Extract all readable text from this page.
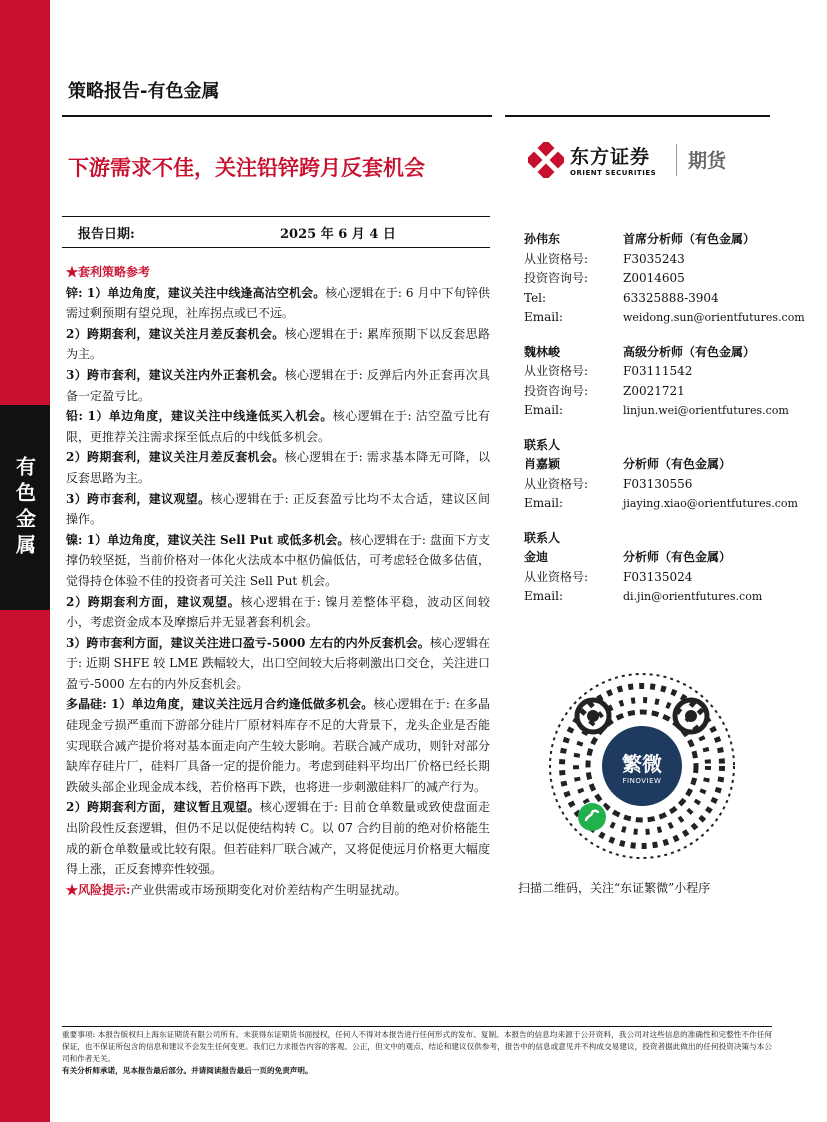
有色金属
策略报告-有色金属
下游需求不佳，关注铅锌跨月反套机会	东方证券
ORIENT SECURITIES
期货
报告日期:	2025 年 6 月 4 日

★套利策略参考

锌: 1）单边角度，建议关注中线逢高沽空机会。核心逻辑在于: 6 月中下旬锌供需过剩预期有望兑现，社库拐点或已不远。

2）跨期套利，建议关注月差反套机会。核心逻辑在于: 累库预期下以反套思路为主。

3）跨市套利，建议关注内外正套机会。核心逻辑在于: 反弹后内外正套再次具备一定盈亏比。

铅: 1）单边角度，建议关注中线逢低买入机会。核心逻辑在于: 沽空盈亏比有限，更推荐关注需求探至低点后的中线低多机会。

2）跨期套利，建议关注月差反套机会。核心逻辑在于: 需求基本降无可降，以反套思路为主。

3）跨市套利，建议观望。核心逻辑在于: 正反套盈亏比均不太合适，建议区间操作。

镍: 1）单边角度，建议关注 Sell Put 或低多机会。核心逻辑在于: 盘面下方支撑仍较坚挺，当前价格对一体化火法成本中枢仍偏低估，可考虑轻仓做多估值，觉得持仓体验不佳的投资者可关注 Sell Put 机会。

2）跨期套利方面，建议观望。核心逻辑在于: 镍月差整体平稳，波动区间较小，考虑资金成本及摩擦后并无显著套利机会。

3）跨市套利方面，建议关注进口盈亏-5000 左右的内外反套机会。核心逻辑在于: 近期 SHFE 较 LME 跌幅较大，出口空间较大后将刺激出口交仓，关注进口盈亏-5000 左右的内外反套机会。

多晶硅: 1）单边角度，建议关注远月合约逢低做多机会。核心逻辑在于: 在多晶硅现金亏损严重而下游部分硅片厂原材料库存不足的大背景下，龙头企业是否能实现联合减产提价将对基本面走向产生较大影响。若联合减产成功，则针对部分缺库存硅片厂，硅料厂具备一定的提价能力。考虑到硅料平均出厂价格已经长期跌破头部企业现金成本线，若价格再下跌，也将进一步刺激硅料厂的减产行为。

2）跨期套利方面，建议暂且观望。核心逻辑在于: 目前仓单数量或致使盘面走出阶段性反套逻辑，但仍不足以促使结构转 C。以 07 合约目前的绝对价格能生成的新仓单数量或比较有限。但若硅料厂联合减产，又将促使远月价格更大幅度得上涨，正反套博弈性较强。

★风险提示:产业供需或市场预期变化对价差结构产生明显扰动。

孙伟东	首席分析师（有色金属）
从业资格号:	F3035243
投资咨询号:	Z0014605
Tel:	63325888-3904
Email:	weidong.sun@orientfutures.com
魏林峻	高级分析师（有色金属）
从业资格号:	F03111542
投资咨询号:	Z0021721
Email:	linjun.wei@orientfutures.com
联系人
肖嘉颖	分析师（有色金属）
从业资格号:	F03130556
Email:	jiaying.xiao@orientfutures.com
联系人
金迪	分析师（有色金属）
从业资格号:	F03135024
Email:	di.jin@orientfutures.com
繁微
FINOVIEW
扫描二维码，关注“东证繁微”小程序

重要事项: 本报告版权归上海东证期货有限公司所有。未获得东证期货书面授权，任何人不得对本报告进行任何形式的发布、复制。本报告的信息均来源于公开资料，我公司对这些信息的准确性和完整性不作任何保证，也不保证所包含的信息和建议不会发生任何变更。我们已力求报告内容的客观、公正，但文中的观点、结论和建议仅供参考，报告中的信息或意见并不构成交易建议，投资者据此做出的任何投资决策与本公司和作者无关。

有关分析师承诺，见本报告最后部分。并请阅读报告最后一页的免责声明。
